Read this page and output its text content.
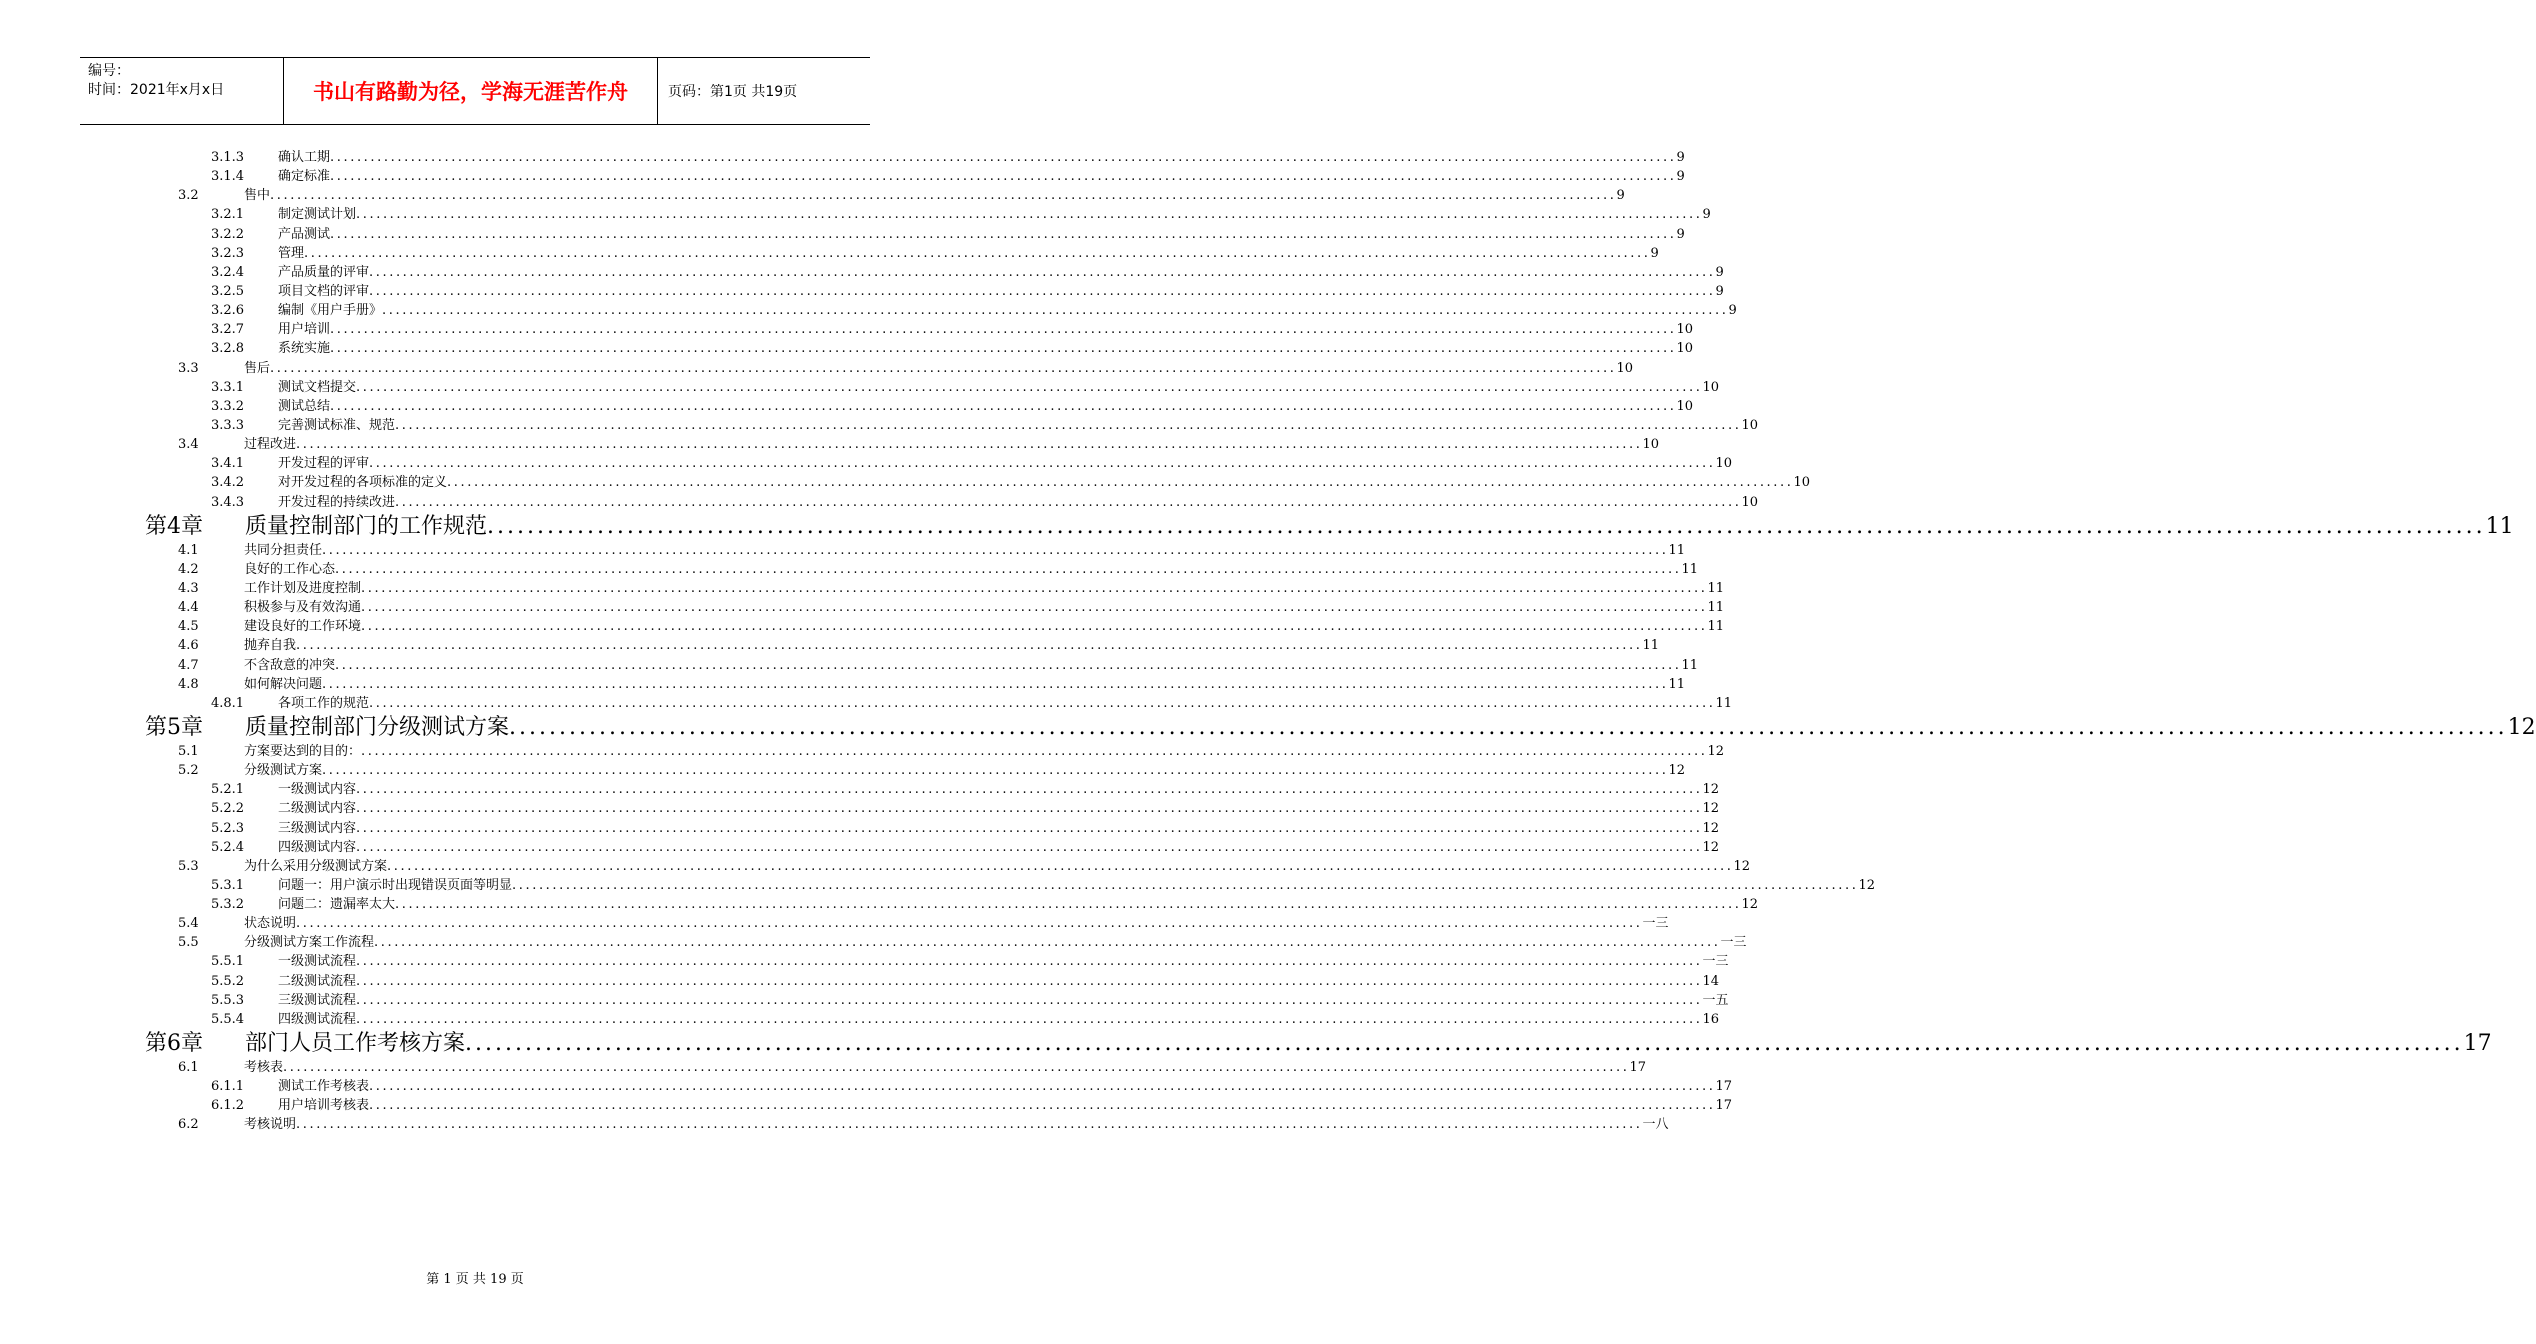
编号：
时间：2021年x月x日	书山有路勤为径，学海无涯苦作舟	页码：第1页 共19页
3.1.3	确认工期 ........................................................................................................................................................................................................ 9
3.1.4	确定标准 ........................................................................................................................................................................................................ 9
3.2	售中 ........................................................................................................................................................................................................ 9
3.2.1	制定测试计划 ........................................................................................................................................................................................................ 9
3.2.2	产品测试 ........................................................................................................................................................................................................ 9
3.2.3	管理 ........................................................................................................................................................................................................ 9
3.2.4	产品质量的评审 ........................................................................................................................................................................................................ 9
3.2.5	项目文档的评审 ........................................................................................................................................................................................................ 9
3.2.6	编制《用户手册》 ........................................................................................................................................................................................................ 9
3.2.7	用户培训 ........................................................................................................................................................................................................ 10
3.2.8	系统实施 ........................................................................................................................................................................................................ 10
3.3	售后 ........................................................................................................................................................................................................ 10
3.3.1	测试文档提交 ........................................................................................................................................................................................................ 10
3.3.2	测试总结 ........................................................................................................................................................................................................ 10
3.3.3	完善测试标准、规范 ........................................................................................................................................................................................................ 10
3.4	过程改进 ........................................................................................................................................................................................................ 10
3.4.1	开发过程的评审 ........................................................................................................................................................................................................ 10
3.4.2	对开发过程的各项标准的定义 ........................................................................................................................................................................................................ 10
3.4.3	开发过程的持续改进 ........................................................................................................................................................................................................ 10
第4章 质量控制部门的工作规范 ........................................................................................................................................................................................................ 11
4.1	共同分担责任 ........................................................................................................................................................................................................ 11
4.2	良好的工作心态 ........................................................................................................................................................................................................ 11
4.3	工作计划及进度控制 ........................................................................................................................................................................................................ 11
4.4	积极参与及有效沟通 ........................................................................................................................................................................................................ 11
4.5	建设良好的工作环境 ........................................................................................................................................................................................................ 11
4.6	抛弃自我 ........................................................................................................................................................................................................ 11
4.7	不含敌意的冲突 ........................................................................................................................................................................................................ 11
4.8	如何解决问题 ........................................................................................................................................................................................................ 11
4.8.1	各项工作的规范 ........................................................................................................................................................................................................ 11
第5章 质量控制部门分级测试方案 ........................................................................................................................................................................................................ 12
5.1	方案要达到的目的： ........................................................................................................................................................................................................ 12
5.2	分级测试方案 ........................................................................................................................................................................................................ 12
5.2.1	一级测试内容 ........................................................................................................................................................................................................ 12
5.2.2	二级测试内容 ........................................................................................................................................................................................................ 12
5.2.3	三级测试内容 ........................................................................................................................................................................................................ 12
5.2.4	四级测试内容 ........................................................................................................................................................................................................ 12
5.3	为什么采用分级测试方案 ........................................................................................................................................................................................................ 12
5.3.1	问题一：用户演示时出现错误页面等明显 ........................................................................................................................................................................................................ 12
5.3.2	问题二：遗漏率太大 ........................................................................................................................................................................................................ 12
5.4	状态说明 ........................................................................................................................................................................................................ 一三
5.5	分级测试方案工作流程 ........................................................................................................................................................................................................ 一三
5.5.1	一级测试流程 ........................................................................................................................................................................................................ 一三
5.5.2	二级测试流程 ........................................................................................................................................................................................................ 14
5.5.3	三级测试流程 ........................................................................................................................................................................................................ 一五
5.5.4	四级测试流程 ........................................................................................................................................................................................................ 16
第6章 部门人员工作考核方案 ........................................................................................................................................................................................................ 17
6.1	考核表 ........................................................................................................................................................................................................ 17
6.1.1	测试工作考核表 ........................................................................................................................................................................................................ 17
6.1.2	用户培训考核表 ........................................................................................................................................................................................................ 17
6.2	考核说明 ........................................................................................................................................................................................................ 一八
第 1 页 共 19 页
